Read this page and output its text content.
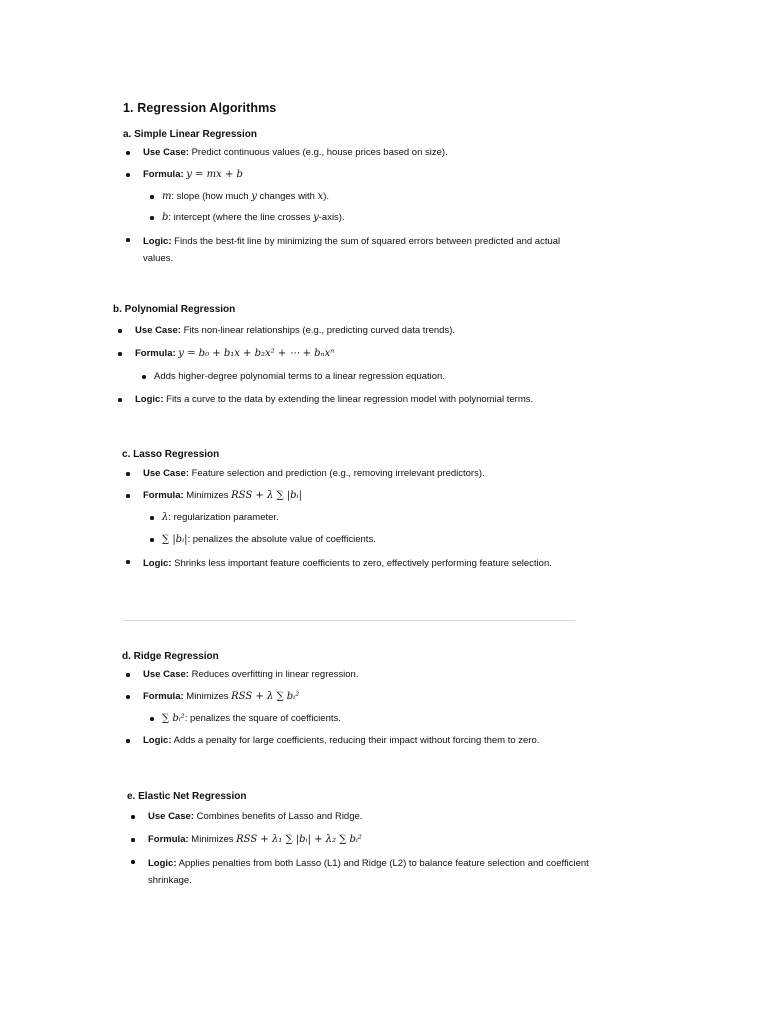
1. Regression Algorithms
a. Simple Linear Regression
Use Case: Predict continuous values (e.g., house prices based on size).
Formula: y = mx + b
m: slope (how much y changes with x).
b: intercept (where the line crosses y-axis).
Logic: Finds the best-fit line by minimizing the sum of squared errors between predicted and actual values.
b. Polynomial Regression
Use Case: Fits non-linear relationships (e.g., predicting curved data trends).
Formula: y = b₀ + b₁x + b₂x² + ⋯ + bₙxⁿ
Adds higher-degree polynomial terms to a linear regression equation.
Logic: Fits a curve to the data by extending the linear regression model with polynomial terms.
c. Lasso Regression
Use Case: Feature selection and prediction (e.g., removing irrelevant predictors).
Formula: Minimizes RSS + λ ∑ |bᵢ|
λ: regularization parameter.
∑ |bᵢ|: penalizes the absolute value of coefficients.
Logic: Shrinks less important feature coefficients to zero, effectively performing feature selection.
d. Ridge Regression
Use Case: Reduces overfitting in linear regression.
Formula: Minimizes RSS + λ ∑ bᵢ²
∑ bᵢ²: penalizes the square of coefficients.
Logic: Adds a penalty for large coefficients, reducing their impact without forcing them to zero.
e. Elastic Net Regression
Use Case: Combines benefits of Lasso and Ridge.
Formula: Minimizes RSS + λ₁ ∑ |bᵢ| + λ₂ ∑ bᵢ²
Logic: Applies penalties from both Lasso (L1) and Ridge (L2) to balance feature selection and coefficient shrinkage.
